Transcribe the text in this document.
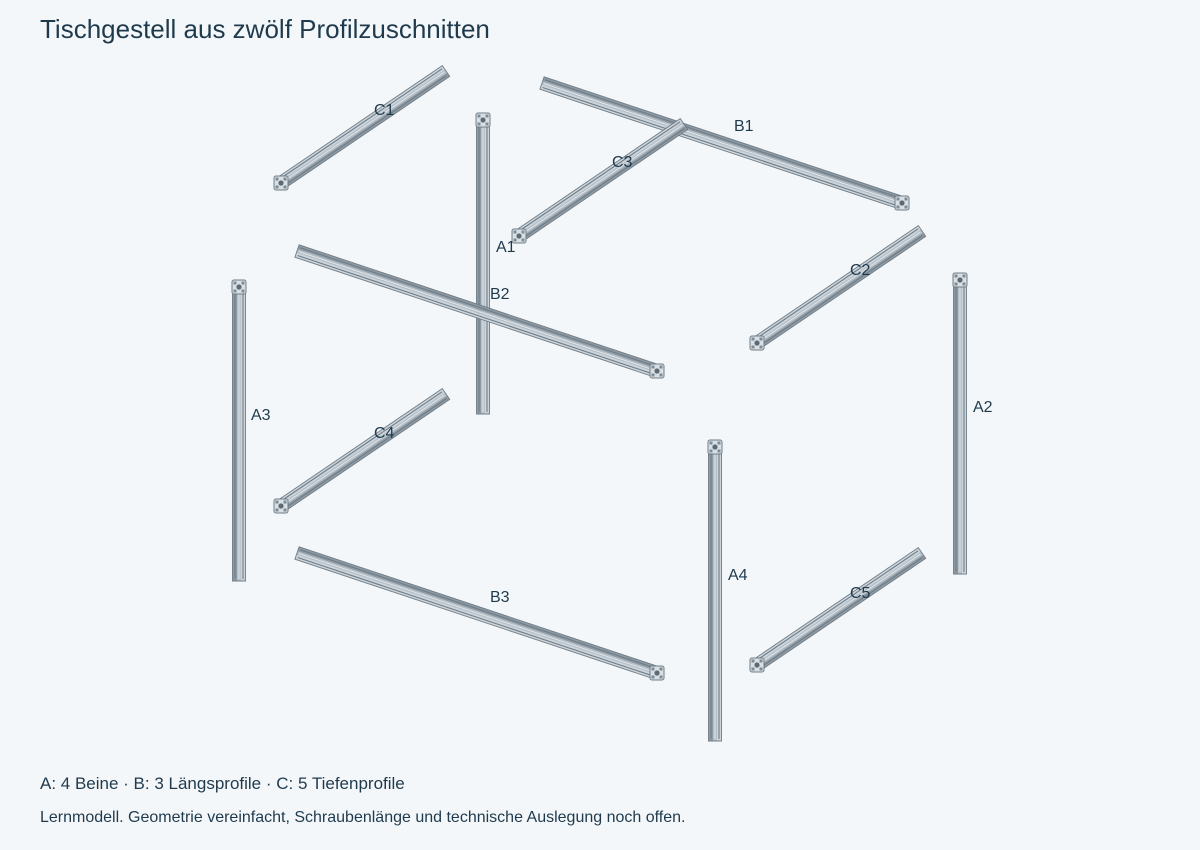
Tischgestell aus zwölf Profilzuschnitten
A1
A2
A3
A4
B1
B2
B3
C1
C2
C3
C4
C5
A: 4 Beine · B: 3 Längsprofile · C: 5 Tiefenprofile
Lernmodell. Geometrie vereinfacht, Schraubenlänge und technische Auslegung noch offen.
